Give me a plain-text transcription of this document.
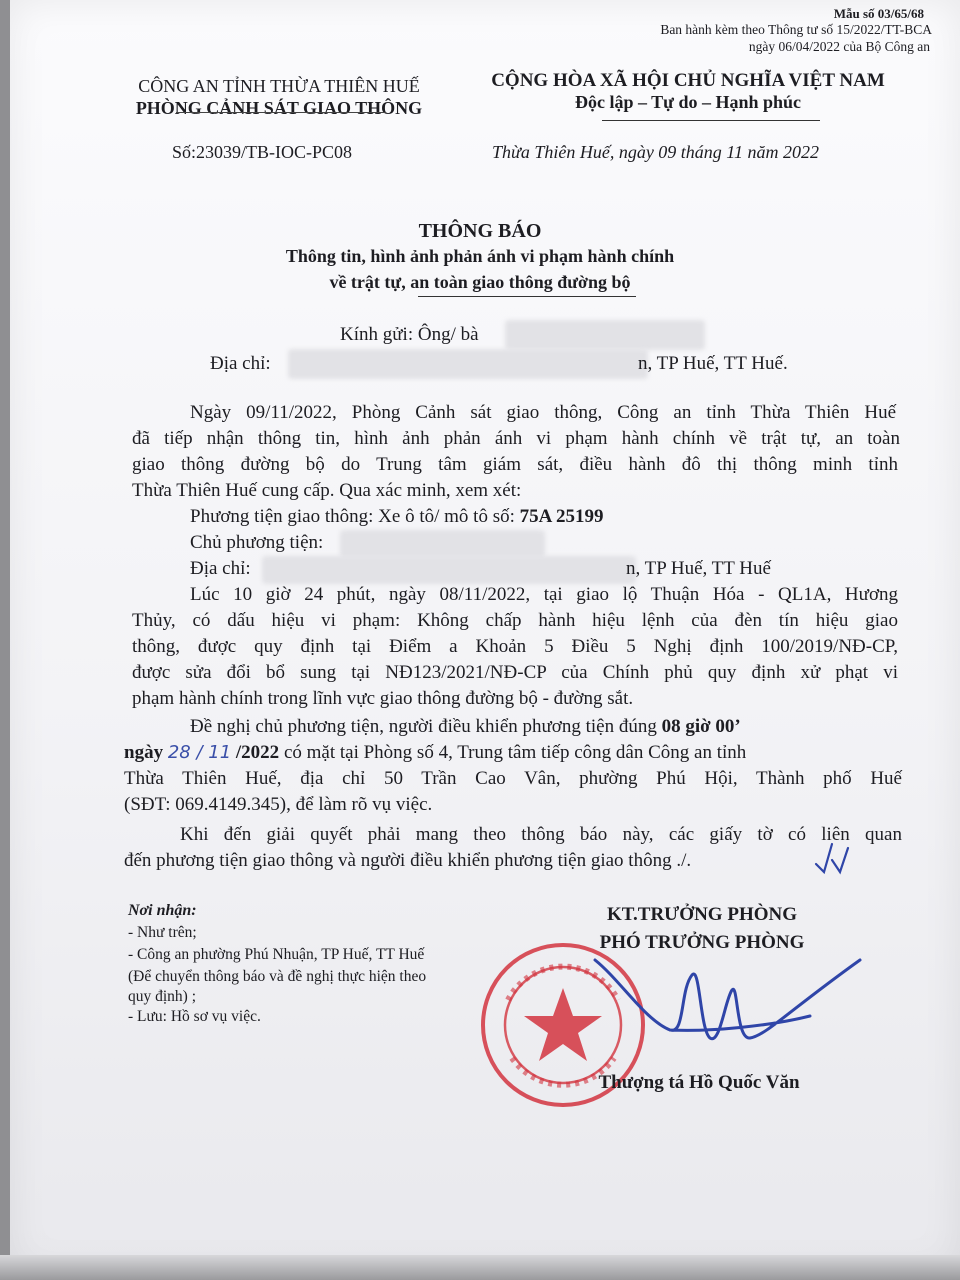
Mẫu số 03/65/68
Ban hành kèm theo Thông tư số 15/2022/TT-BCA
ngày 06/04/2022 của Bộ Công an
CÔNG AN TỈNH THỪA THIÊN HUẾ
PHÒNG CẢNH SÁT GIAO THÔNG
Số:23039/TB-IOC-PC08
CỘNG HÒA XÃ HỘI CHỦ NGHĨA VIỆT NAM
Độc lập – Tự do – Hạnh phúc
Thừa Thiên Huế, ngày 09 tháng 11 năm 2022
THÔNG BÁO
Thông tin, hình ảnh phản ánh vi phạm hành chính
về trật tự, an toàn giao thông đường bộ
Kính gửi: Ông/ bà
Địa chỉ:	n, TP Huế, TT Huế.
Ngày 09/11/2022, Phòng Cảnh sát giao thông, Công an tỉnh Thừa Thiên Huế
đã tiếp nhận thông tin, hình ảnh phản ánh vi phạm hành chính về trật tự, an toàn
giao thông đường bộ do Trung tâm giám sát, điều hành đô thị thông minh tỉnh
Thừa Thiên Huế cung cấp. Qua xác minh, xem xét:
Phương tiện giao thông: Xe ô tô/ mô tô số: 75A 25199
Chủ phương tiện:
Địa chỉ:	n, TP Huế, TT Huế
Lúc 10 giờ 24 phút, ngày 08/11/2022, tại giao lộ Thuận Hóa - QL1A, Hương
Thủy, có dấu hiệu vi phạm: Không chấp hành hiệu lệnh của đèn tín hiệu giao
thông, được quy định tại Điểm a Khoản 5 Điều 5 Nghị định 100/2019/NĐ-CP,
được sửa đổi bổ sung tại NĐ123/2021/NĐ-CP của Chính phủ quy định xử phạt vi
phạm hành chính trong lĩnh vực giao thông đường bộ - đường sắt.
Đề nghị chủ phương tiện, người điều khiển phương tiện đúng 08 giờ 00’
ngày 28 / 11 /2022 có mặt tại Phòng số 4, Trung tâm tiếp công dân Công an tỉnh
Thừa Thiên Huế, địa chỉ 50 Trần Cao Vân, phường Phú Hội, Thành phố Huế
(SĐT: 069.4149.345), để làm rõ vụ việc.
Khi đến giải quyết phải mang theo thông báo này, các giấy tờ có liên quan
đến phương tiện giao thông và người điều khiển phương tiện giao thông ./.
Nơi nhận:
- Như trên;
- Công an phường Phú Nhuận, TP Huế, TT Huế
(Để chuyển thông báo và đề nghị thực hiện theo
quy định) ;
- Lưu: Hồ sơ vụ việc.
KT.TRƯỞNG PHÒNG
PHÓ TRƯỞNG PHÒNG
Thượng tá Hồ Quốc Văn
